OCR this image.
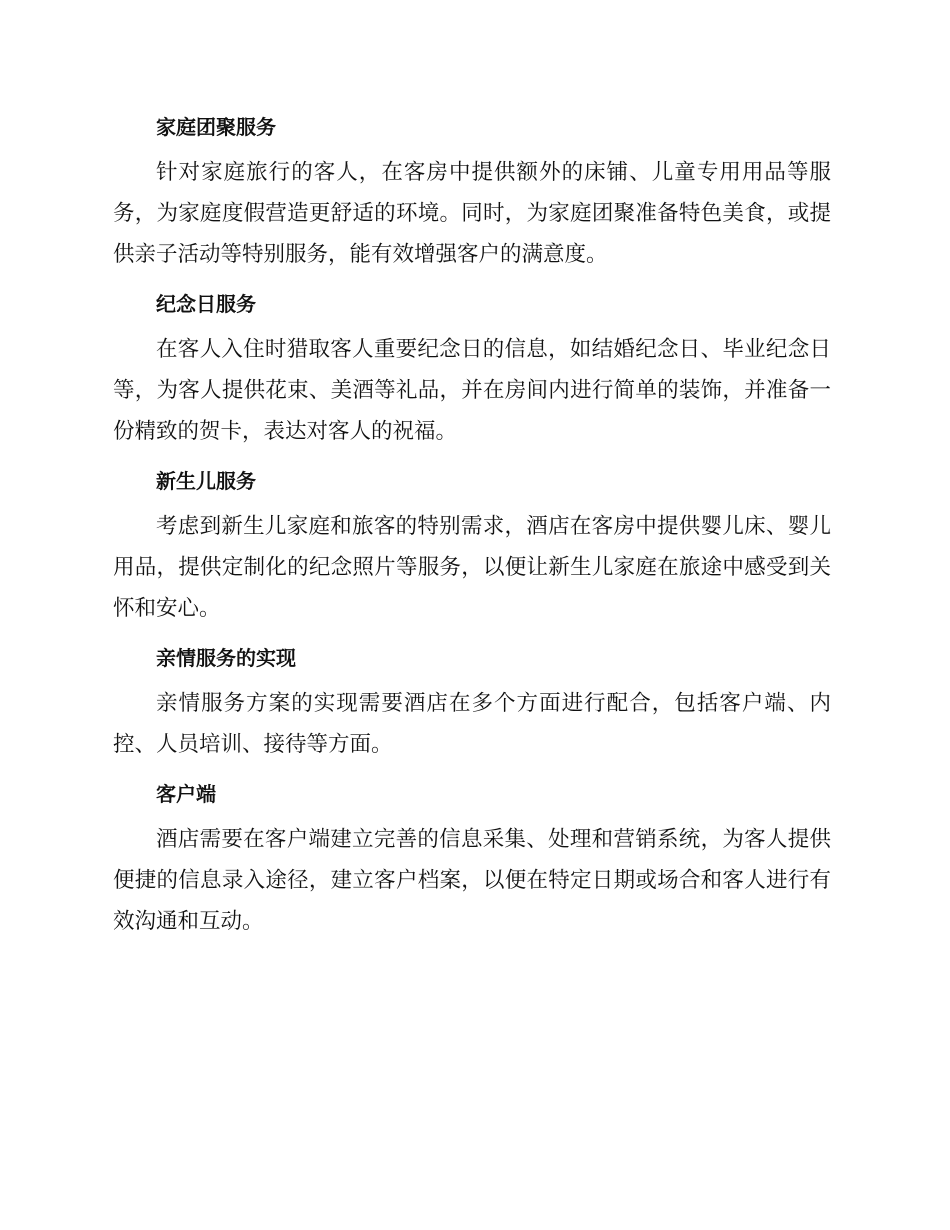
家庭团聚服务

针对家庭旅行的客人，在客房中提供额外的床铺、儿童专用用品等服务，为家庭度假营造更舒适的环境。同时，为家庭团聚准备特色美食，或提供亲子活动等特别服务，能有效增强客户的满意度。

纪念日服务

在客人入住时猎取客人重要纪念日的信息，如结婚纪念日、毕业纪念日等，为客人提供花束、美酒等礼品，并在房间内进行简单的装饰，并准备一份精致的贺卡，表达对客人的祝福。

新生儿服务

考虑到新生儿家庭和旅客的特别需求，酒店在客房中提供婴儿床、婴儿用品，提供定制化的纪念照片等服务，以便让新生儿家庭在旅途中感受到关怀和安心。

亲情服务的实现

亲情服务方案的实现需要酒店在多个方面进行配合，包括客户端、内控、人员培训、接待等方面。

客户端

酒店需要在客户端建立完善的信息采集、处理和营销系统，为客人提供便捷的信息录入途径，建立客户档案，以便在特定日期或场合和客人进行有效沟通和互动。
